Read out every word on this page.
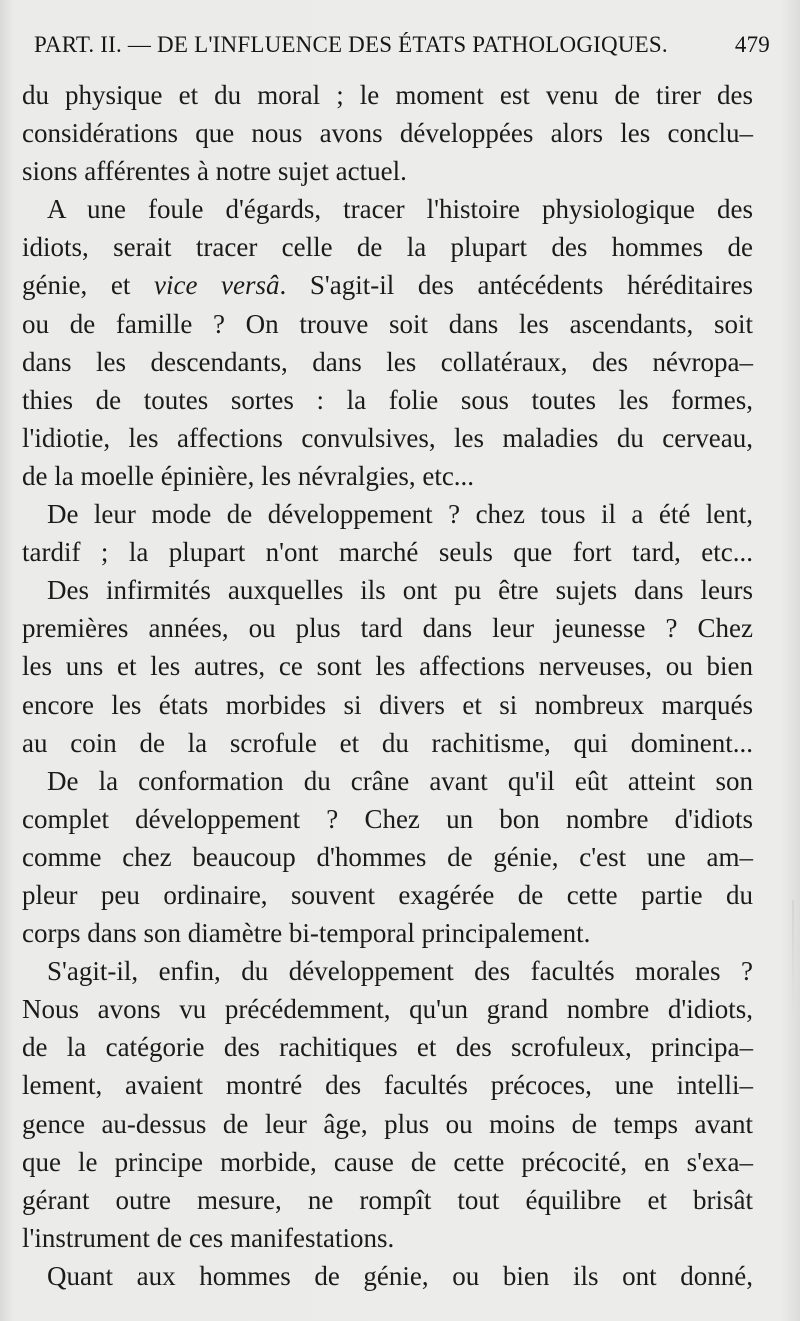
PART. II. — DE L'INFLUENCE DES ÉTATS PATHOLOGIQUES.	479
du physique et du moral ; le moment est venu de tirer des
considérations que nous avons développées alors les conclu–
sions afférentes à notre sujet actuel.
A une foule d'égards, tracer l'histoire physiologique des
idiots, serait tracer celle de la plupart des hommes de
génie, et vice versâ. S'agit-il des antécédents héréditaires
ou de famille ? On trouve soit dans les ascendants, soit
dans les descendants, dans les collatéraux, des névropa–
thies de toutes sortes : la folie sous toutes les formes,
l'idiotie, les affections convulsives, les maladies du cerveau,
de la moelle épinière, les névralgies, etc...
De leur mode de développement ? chez tous il a été lent,
tardif ; la plupart n'ont marché seuls que fort tard, etc...
Des infirmités auxquelles ils ont pu être sujets dans leurs
premières années, ou plus tard dans leur jeunesse ? Chez
les uns et les autres, ce sont les affections nerveuses, ou bien
encore les états morbides si divers et si nombreux marqués
au coin de la scrofule et du rachitisme, qui dominent...
De la conformation du crâne avant qu'il eût atteint son
complet développement ? Chez un bon nombre d'idiots
comme chez beaucoup d'hommes de génie, c'est une am–
pleur peu ordinaire, souvent exagérée de cette partie du
corps dans son diamètre bi-temporal principalement.
S'agit-il, enfin, du développement des facultés morales ?
Nous avons vu précédemment, qu'un grand nombre d'idiots,
de la catégorie des rachitiques et des scrofuleux, principa–
lement, avaient montré des facultés précoces, une intelli–
gence au-dessus de leur âge, plus ou moins de temps avant
que le principe morbide, cause de cette précocité, en s'exa–
gérant outre mesure, ne rompît tout équilibre et brisât
l'instrument de ces manifestations.
Quant aux hommes de génie, ou bien ils ont donné,
